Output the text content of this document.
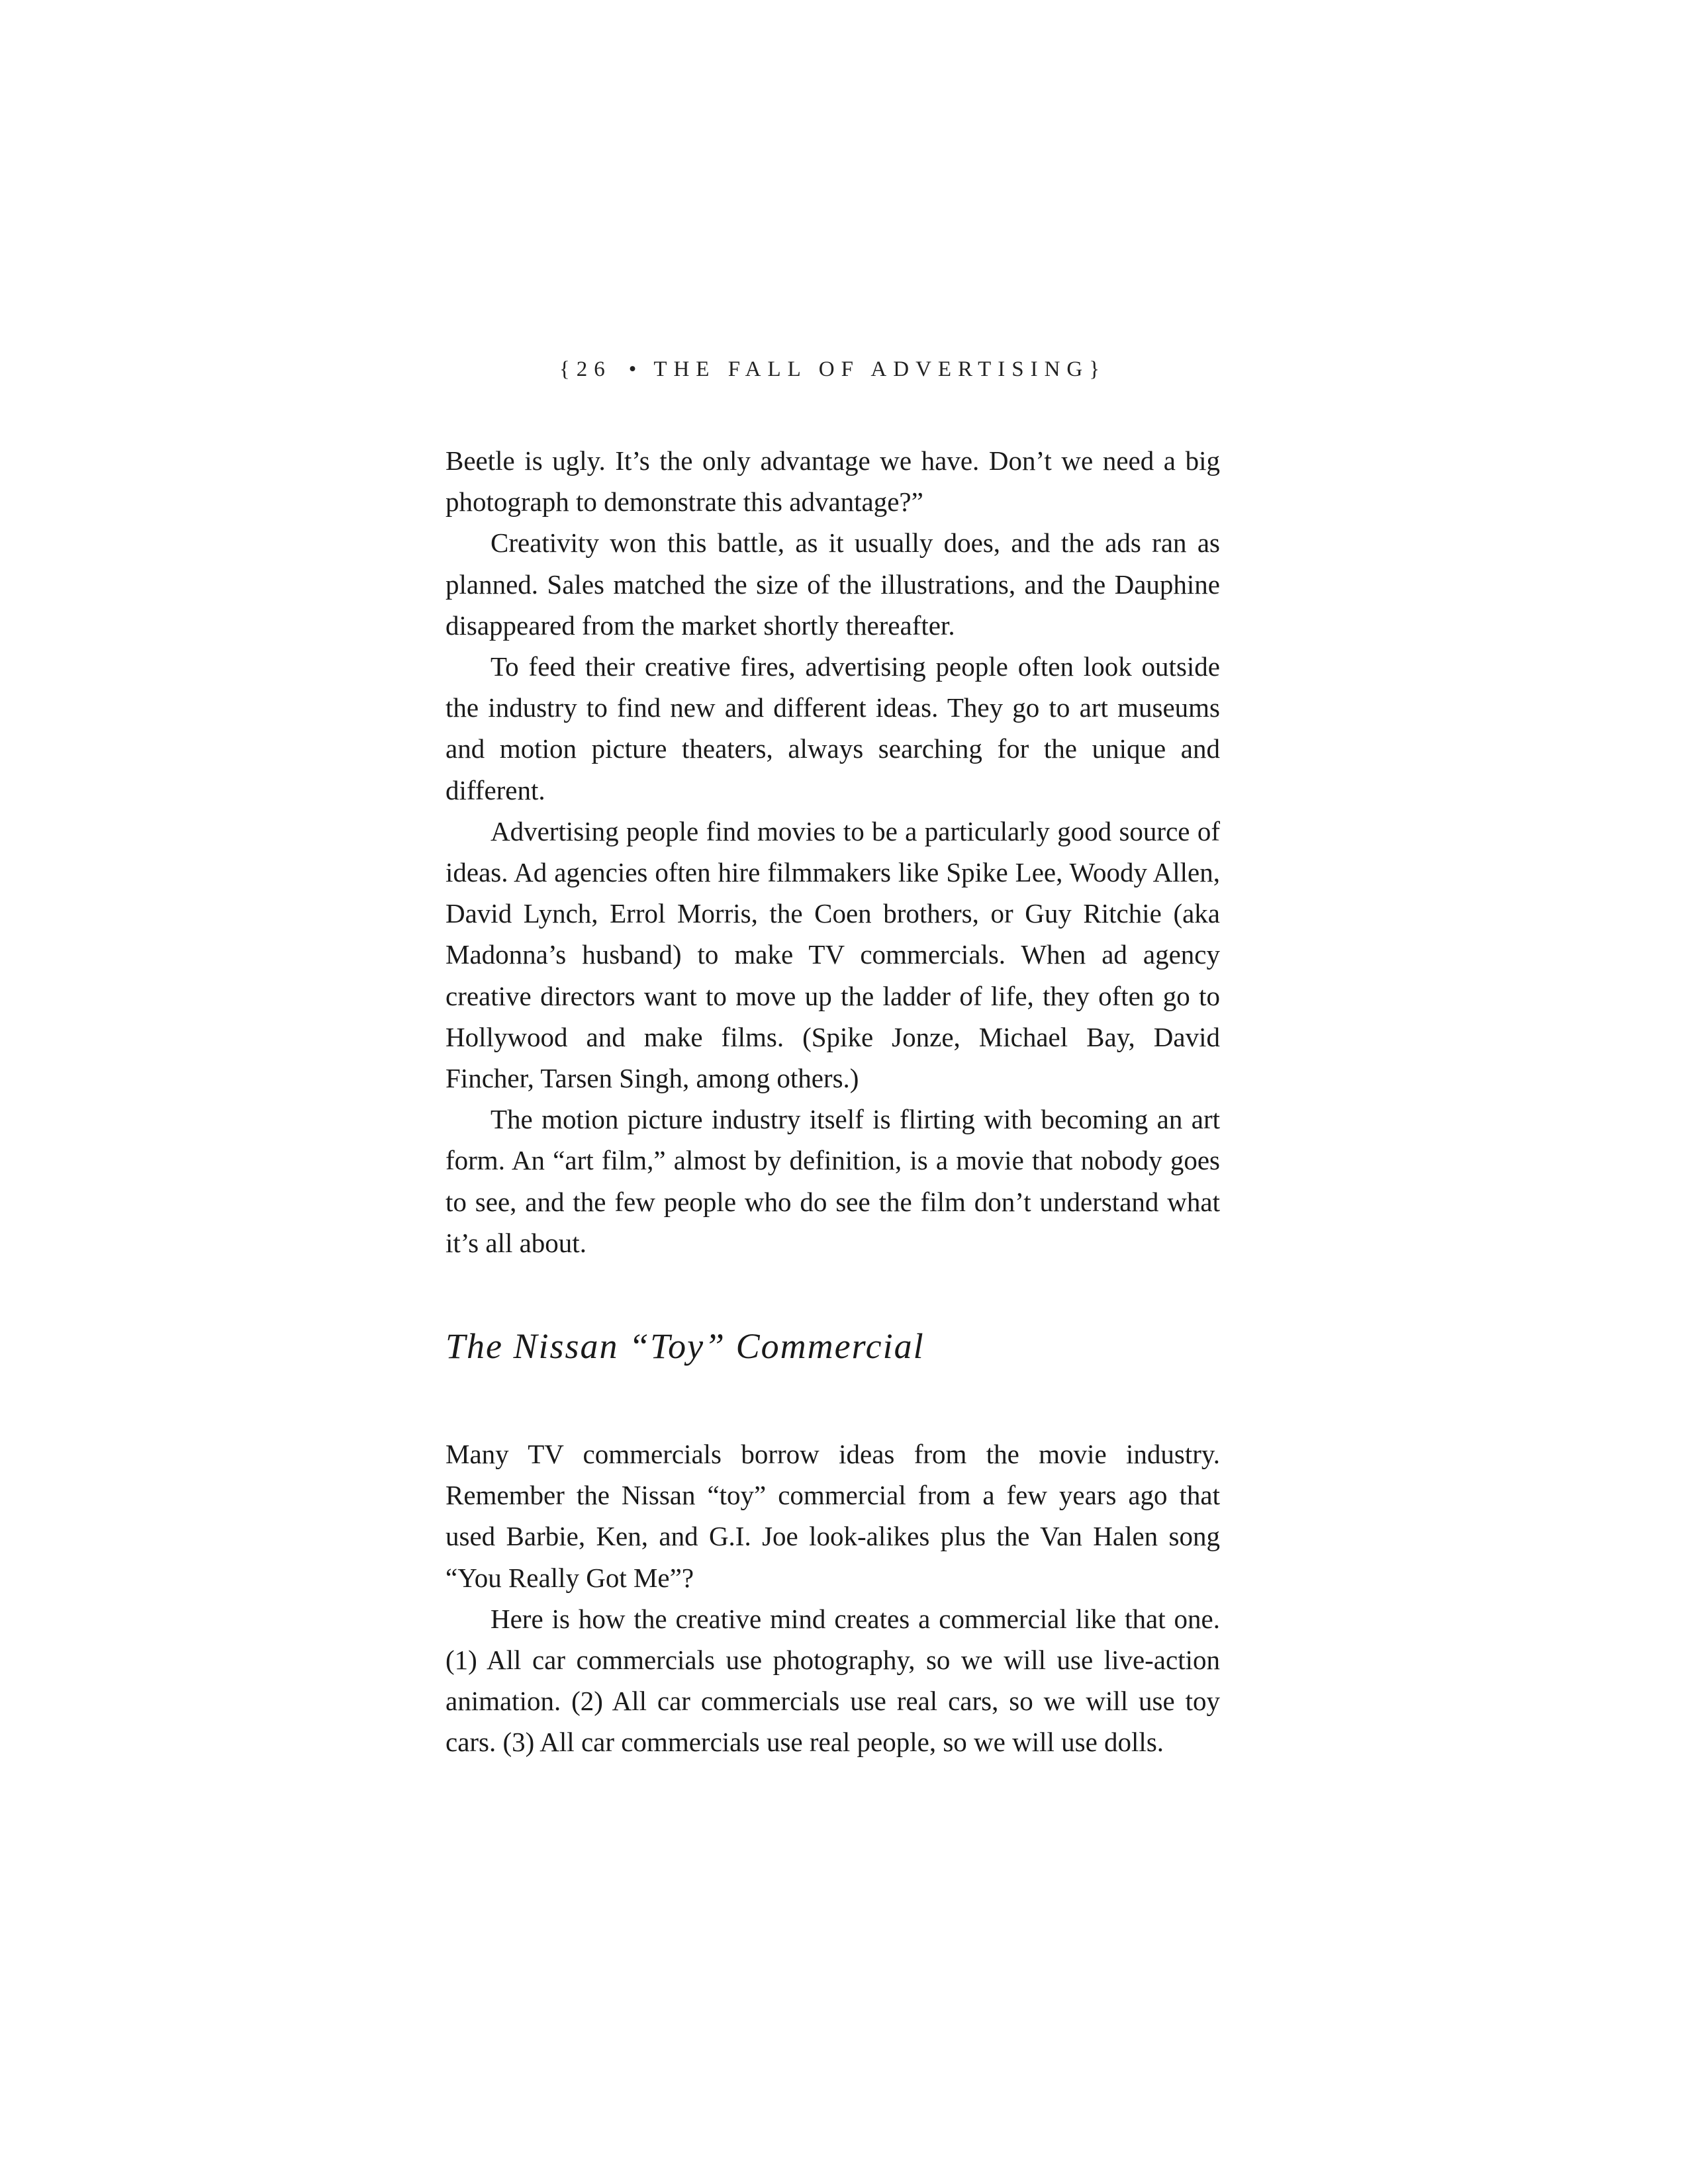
{26 • THE FALL OF ADVERTISING}

Beetle is ugly. It’s the only advantage we have. Don’t we need a big photograph to demonstrate this advantage?”

Creativity won this battle, as it usually does, and the ads ran as planned. Sales matched the size of the illustrations, and the Dauphine disappeared from the market shortly thereafter.

To feed their creative fires, advertising people often look outside the industry to find new and different ideas. They go to art museums and motion picture theaters, always searching for the unique and different.

Advertising people find movies to be a particularly good source of ideas. Ad agencies often hire filmmakers like Spike Lee, Woody Allen, David Lynch, Errol Morris, the Coen brothers, or Guy Ritchie (aka Madonna’s husband) to make TV commercials. When ad agency creative directors want to move up the ladder of life, they often go to Hollywood and make films. (Spike Jonze, Michael Bay, David Fincher, Tarsen Singh, among others.)

The motion picture industry itself is flirting with becoming an art form. An “art film,” almost by definition, is a movie that nobody goes to see, and the few people who do see the film don’t understand what it’s all about.

The Nissan “Toy” Commercial

Many TV commercials borrow ideas from the movie industry. Remember the Nissan “toy” commercial from a few years ago that used Barbie, Ken, and G.I. Joe look-alikes plus the Van Halen song “You Really Got Me”?

Here is how the creative mind creates a commercial like that one. (1) All car commercials use photography, so we will use live-action animation. (2) All car commercials use real cars, so we will use toy cars. (3) All car commercials use real people, so we will use dolls.
